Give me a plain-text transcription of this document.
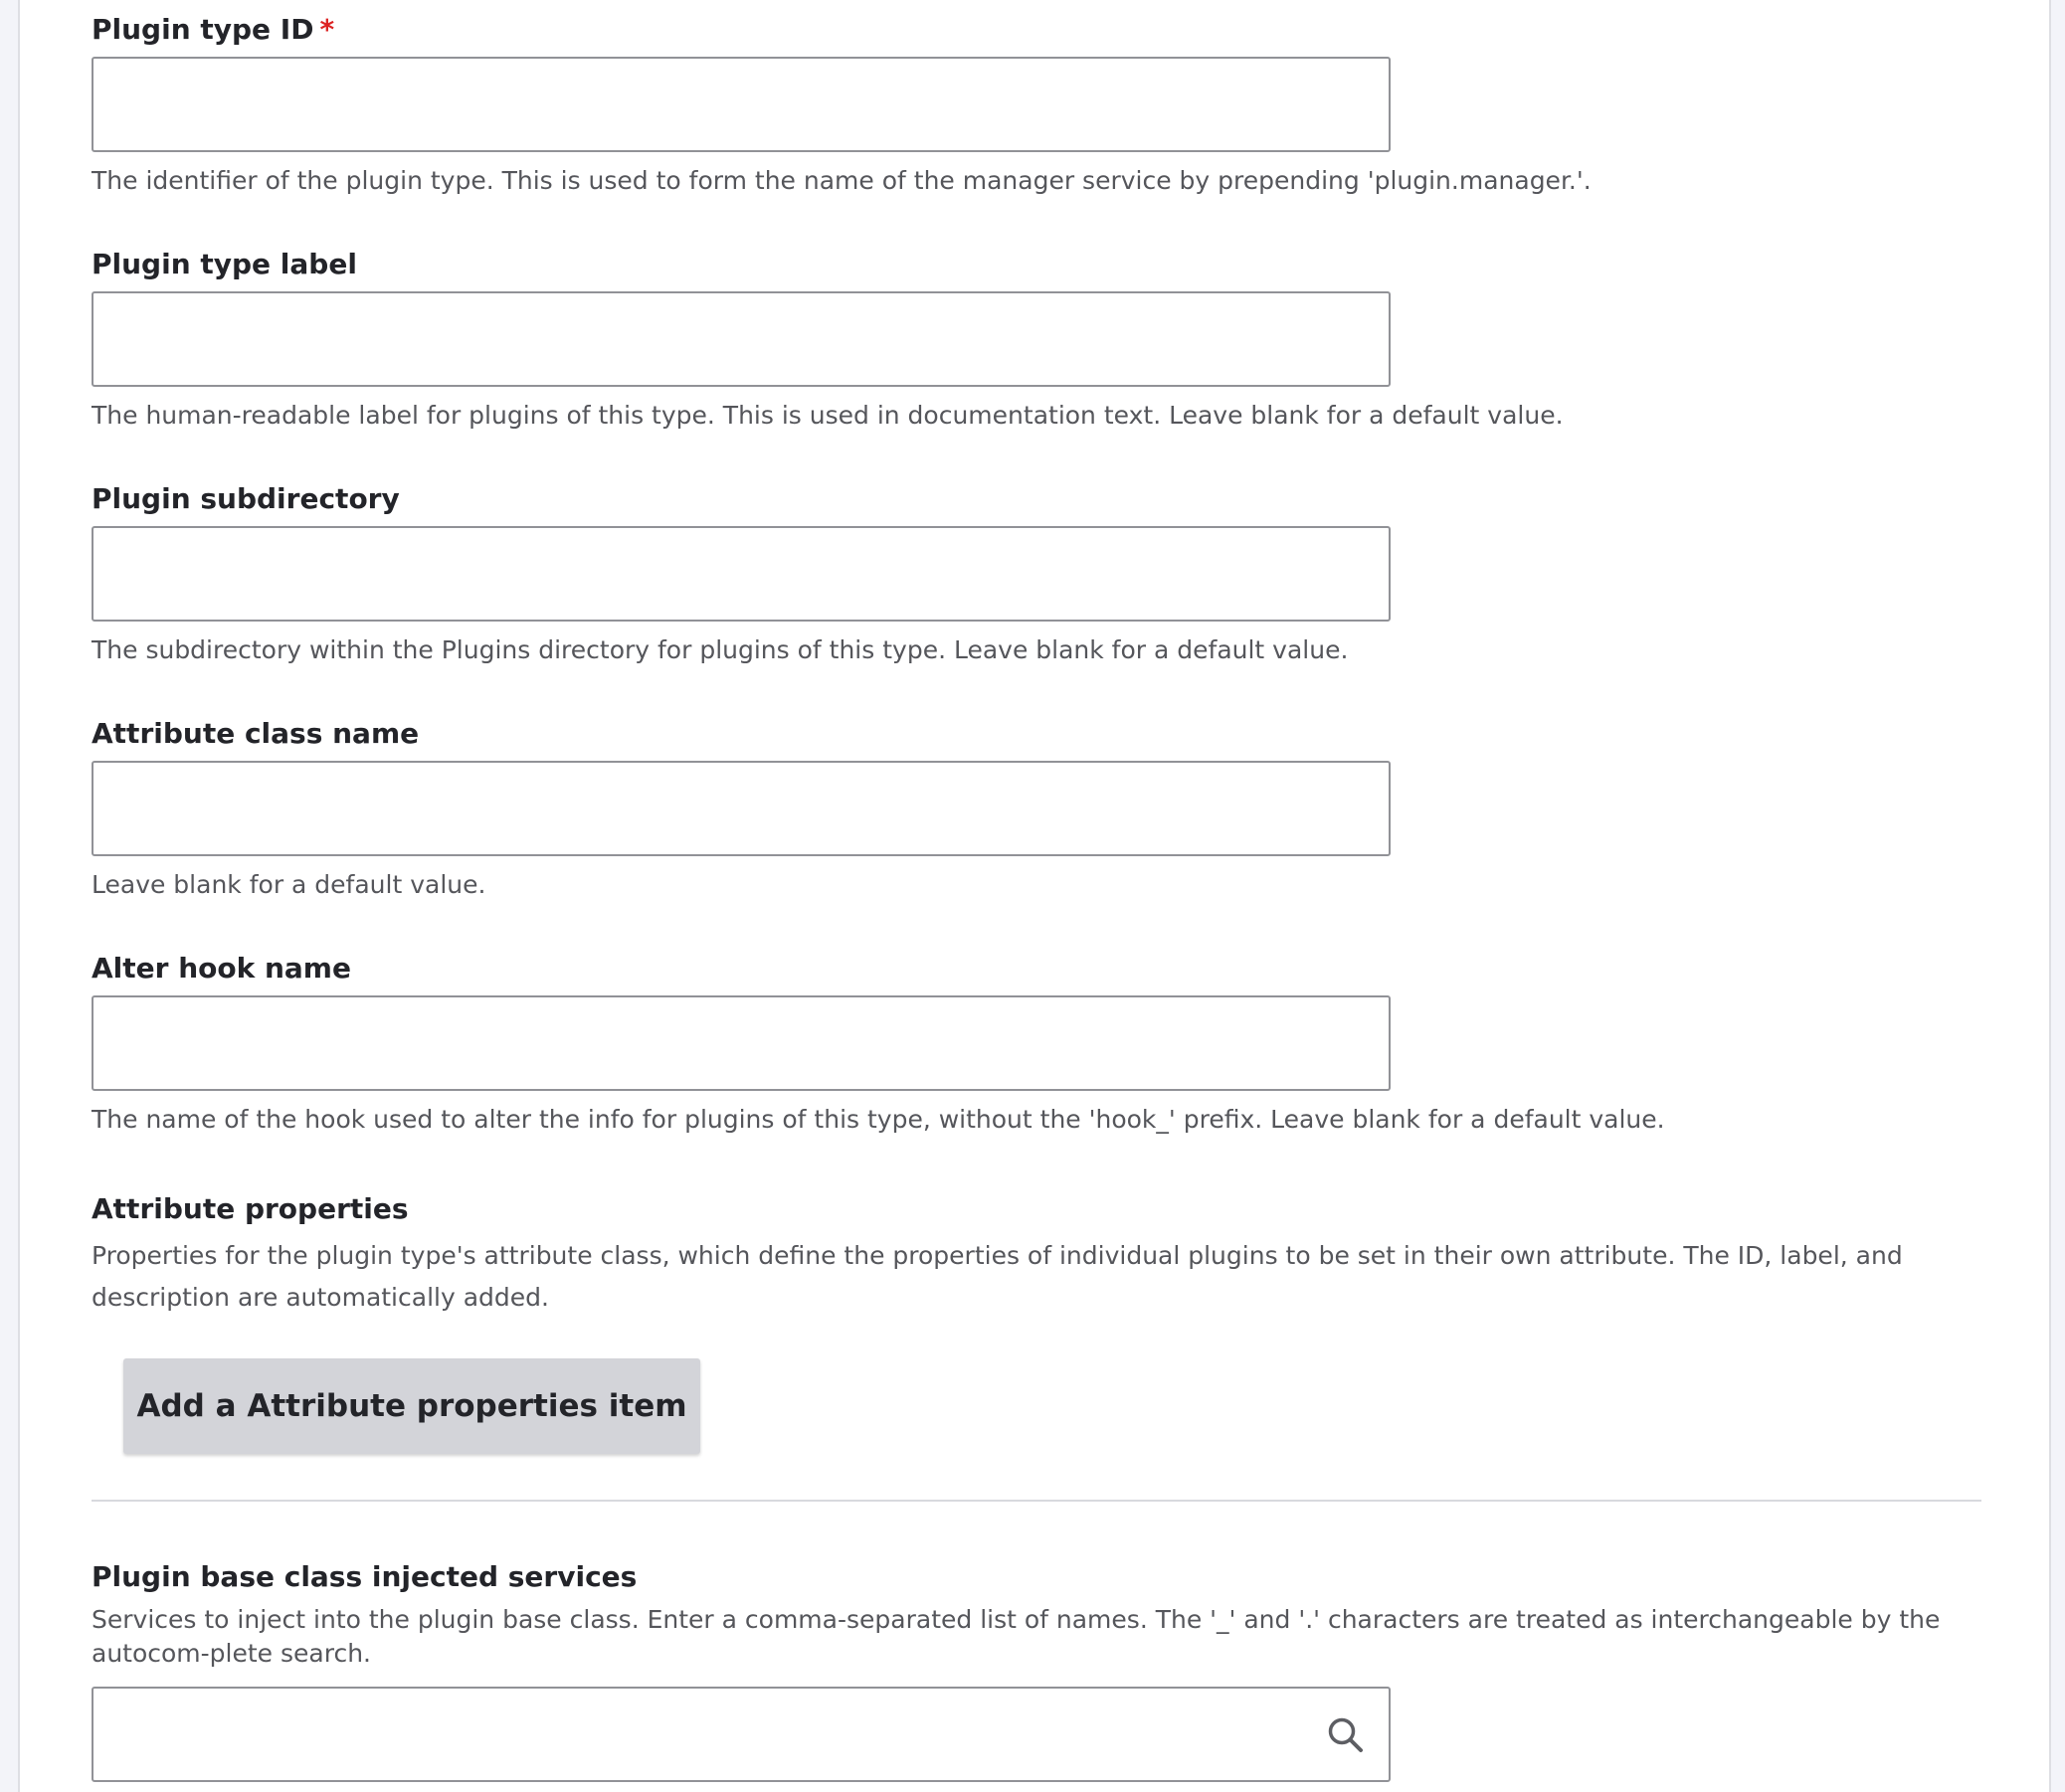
Plugin type ID *
The identifier of the plugin type. This is used to form the name of the manager service by prepending 'plugin.manager.'.
Plugin type label
The human-readable label for plugins of this type. This is used in documentation text. Leave blank for a default value.
Plugin subdirectory
The subdirectory within the Plugins directory for plugins of this type. Leave blank for a default value.
Attribute class name
Leave blank for a default value.
Alter hook name
The name of the hook used to alter the info for plugins of this type, without the 'hook_' prefix. Leave blank for a default value.
Attribute properties
Properties for the plugin type's attribute class, which define the properties of individual plugins to be set in their own attribute. The ID, label, and description are automatically added.
Add a Attribute properties item
Plugin base class injected services
Services to inject into the plugin base class. Enter a comma-separated list of names. The '_' and '.' characters are treated as interchangeable by the autocom-plete search.
